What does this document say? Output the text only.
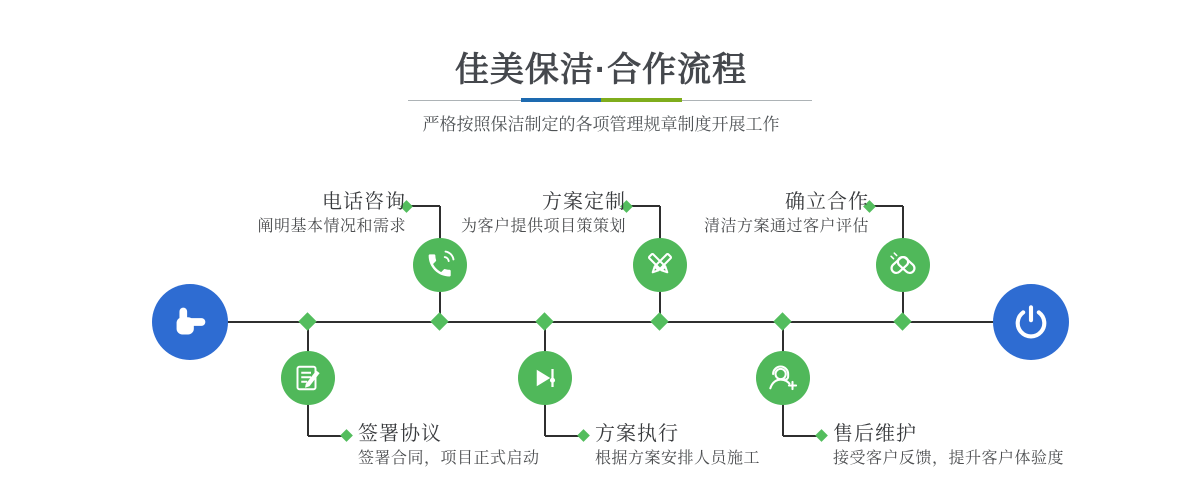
佳美保洁·合作流程
严格按照保洁制定的各项管理规章制度开展工作
电话咨询
阐明基本情况和需求
签署协议
签署合同，项目正式启动
方案定制
为客户提供项目策策划
方案执行
根据方案安排人员施工
确立合作
清洁方案通过客户评估
售后维护
接受客户反馈，提升客户体验度
